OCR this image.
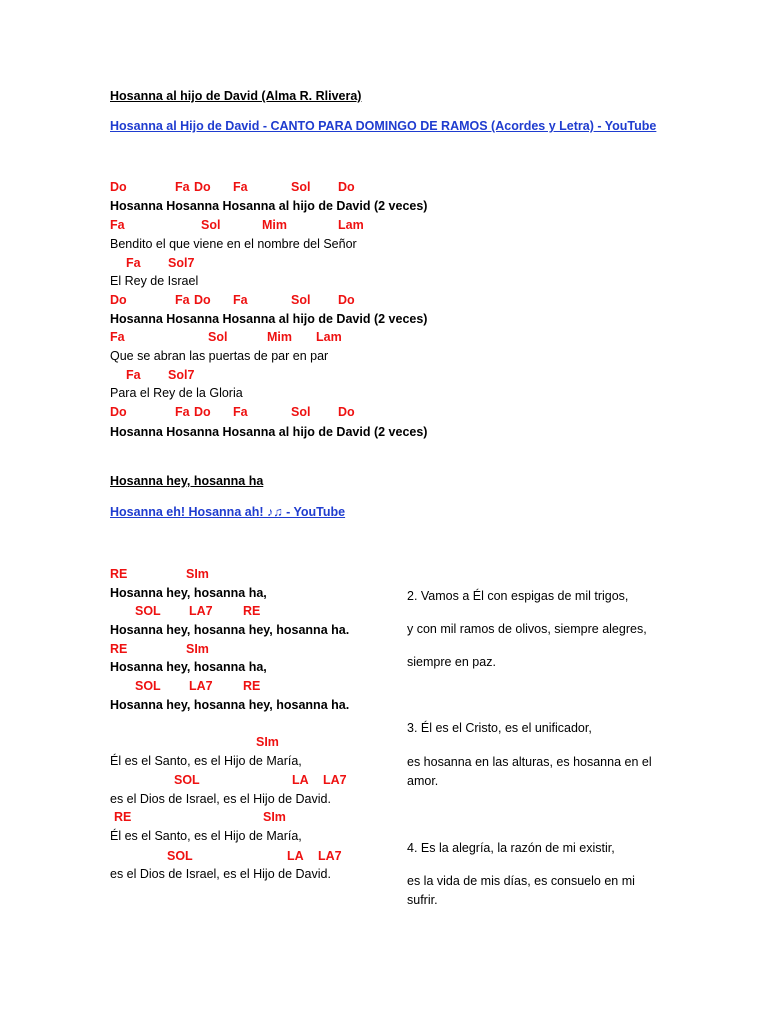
Hosanna al hijo de David (Alma R. Rlivera)
Hosanna al Hijo de David - CANTO PARA DOMINGO DE RAMOS (Acordes y Letra) - YouTube
Do	Fa Do Fa	Sol Do
Hosanna Hosanna Hosanna al hijo de David (2 veces)
Fa	Sol	Mim	Lam
Bendito el que viene en el nombre del Señor
Fa Sol7
El Rey de Israel
Do	Fa Do Fa	Sol Do
Hosanna Hosanna Hosanna al hijo de David (2 veces)
Fa	Sol	Mim Lam
Que se abran las puertas de par en par
Fa Sol7
Para el Rey de la Gloria
Do	Fa Do Fa	Sol Do
Hosanna Hosanna Hosanna al hijo de David (2 veces)
Hosanna hey, hosanna ha
Hosanna eh! Hosanna ah! ♪♫ - YouTube
RE	SIm
Hosanna hey, hosanna ha,
SOL LA7 RE
Hosanna hey, hosanna hey, hosanna ha.
RE	SIm
Hosanna hey, hosanna ha,
SOL LA7 RE
Hosanna hey, hosanna hey, hosanna ha.
SIm
Él es el Santo, es el Hijo de María,
SOL	LA LA7
es el Dios de Israel, es el Hijo de David.
RE	SIm
Él es el Santo, es el Hijo de María,
SOL	LA LA7
es el Dios de Israel, es el Hijo de David.
2. Vamos a Él con espigas de mil trigos,
y con mil ramos de olivos, siempre alegres,
siempre en paz.
3. Él es el Cristo, es el unificador,
es hosanna en las alturas, es hosanna en el amor.
4. Es la alegría, la razón de mi existir,
es la vida de mis días, es consuelo en mi sufrir.
